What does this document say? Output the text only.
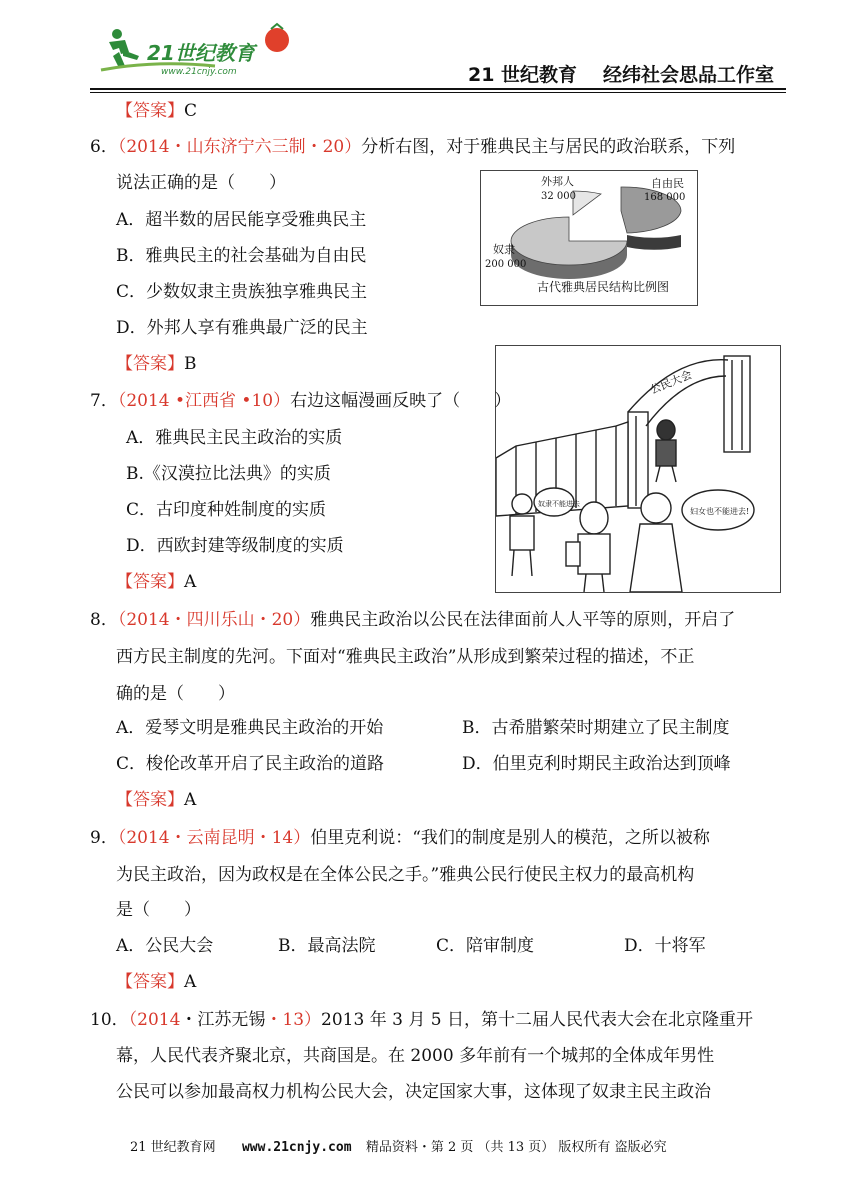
21世纪教育
www.21cnjy.com	21 世纪教育 经纬社会思品工作室
【答案】C
6．（2014・山东济宁六三制・20）分析右图，对于雅典民主与居民的政治联系，下列
说法正确的是（　　）
A．超半数的居民能享受雅典民主
B．雅典民主的社会基础为自由民
C．少数奴隶主贵族独享雅典民主
D．外邦人享有雅典最广泛的民主
【答案】B
外邦人
32 000
自由民
168 000
奴隶
200 000
古代雅典居民结构比例图
公民大会
奴隶不能进去
妇女也不能进去!
7．（2014 •江西省 •10）右边这幅漫画反映了（　　）
A．雅典民主民主政治的实质
B.《汉漠拉比法典》的实质
C．古印度种姓制度的实质
D．西欧封建等级制度的实质
【答案】A
8．（2014・四川乐山・20）雅典民主政治以公民在法律面前人人平等的原则，开启了
西方民主制度的先河。下面对“雅典民主政治”从形成到繁荣过程的描述，不正
确的是（　　）
A．爱琴文明是雅典民主政治的开始	B．古希腊繁荣时期建立了民主制度
C．梭伦改革开启了民主政治的道路	D．伯里克利时期民主政治达到顶峰
【答案】A
9．（2014・云南昆明・14）伯里克利说：“我们的制度是别人的模范，之所以被称
为民主政治，因为政权是在全体公民之手。”雅典公民行使民主权力的最高机构
是（　　）
A．公民大会	B．最高法院	C．陪审制度	D．十将军
【答案】A
10．（2014・江苏无锡・13）2013 年 3 月 5 日，第十二届人民代表大会在北京隆重开
幕，人民代表齐聚北京，共商国是。在 2000 多年前有一个城邦的全体成年男性
公民可以参加最高权力机构公民大会，决定国家大事，这体现了奴隶主民主政治
21 世纪教育网 www.21cnjy.com 精品资料・第 2 页 （共 13 页） 版权所有 盗版必究
